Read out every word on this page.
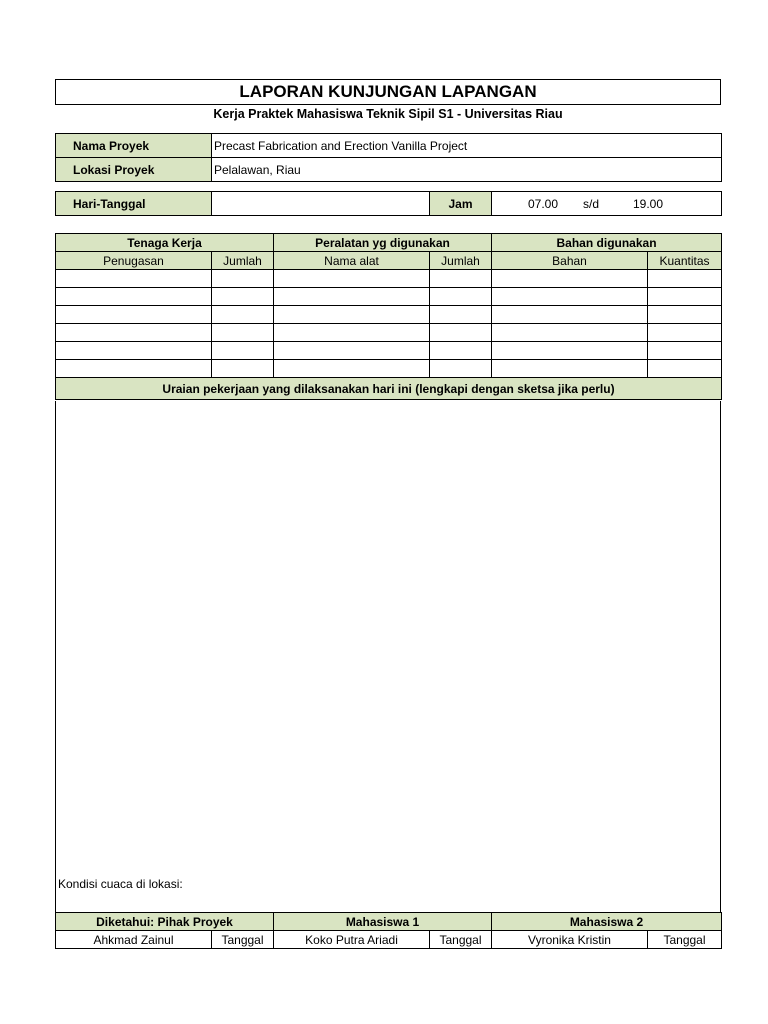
LAPORAN KUNJUNGAN LAPANGAN
Kerja Praktek Mahasiswa Teknik Sipil S1 - Universitas Riau
Nama Proyek	Precast Fabrication and Erection Vanilla Project
Lokasi Proyek	Pelalawan, Riau
Hari-Tanggal		Jam	07.00	s/d	19.00
Tenaga Kerja		Peralatan yg digunakan		Bahan digunakan	
Penugasan	Jumlah	Nama alat	Jumlah	Bahan	Kuantitas

Uraian pekerjaan yang dilaksanakan hari ini (lengkapi dengan sketsa jika perlu)					
Kondisi cuaca di lokasi:
Diketahui: Pihak Proyek		Mahasiswa 1		Mahasiswa 2	
Ahkmad Zainul	Tanggal	Koko Putra Ariadi	Tanggal	Vyronika Kristin	Tanggal
